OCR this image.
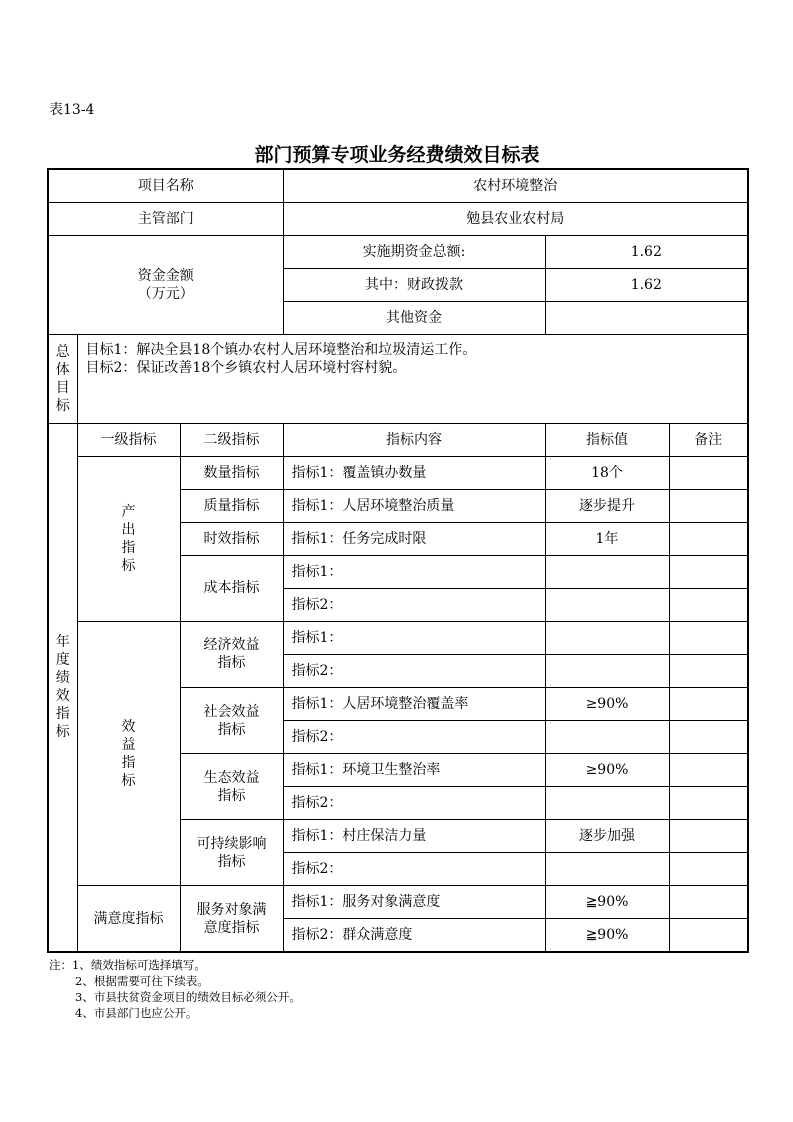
表13-4
部门预算专项业务经费绩效目标表
项目名称			农村环境整治		
主管部门			勉县农业农村局		

资金金额
（万元）			实施期资金总额:	1.62	
			其中：财政拨款	1.62	
			其他资金		
总体目标	目标1：解决全县18个镇办农村人居环境整治和垃圾清运工作。
目标2：保证改善18个乡镇农村人居环境村容村貌。				

年度绩效指标	一级指标	二级指标	指标内容	指标值	备注
	产出指标	数量指标	指标1：覆盖镇办数量	18个	
		质量指标	指标1：人居环境整治质量	逐步提升	
		时效指标	指标1：任务完成时限	1年	
		成本指标	指标1：		
			指标2：		
	效益指标	经济效益指标	指标1：		
			指标2：		
		社会效益指标	指标1：人居环境整治覆盖率	≥90%	
			指标2：		
		生态效益指标	指标1：环境卫生整治率	≥90%	
			指标2：		
		可持续影响指标	指标1：村庄保洁力量	逐步加强	
			指标2：		
	满意度指标	服务对象满意度指标	指标1：服务对象满意度	≧90%	
			指标2：群众满意度	≧90%	
注：1、绩效指标可选择填写。
2、根据需要可往下续表。
3、市县扶贫资金项目的绩效目标必须公开。
4、市县部门也应公开。
